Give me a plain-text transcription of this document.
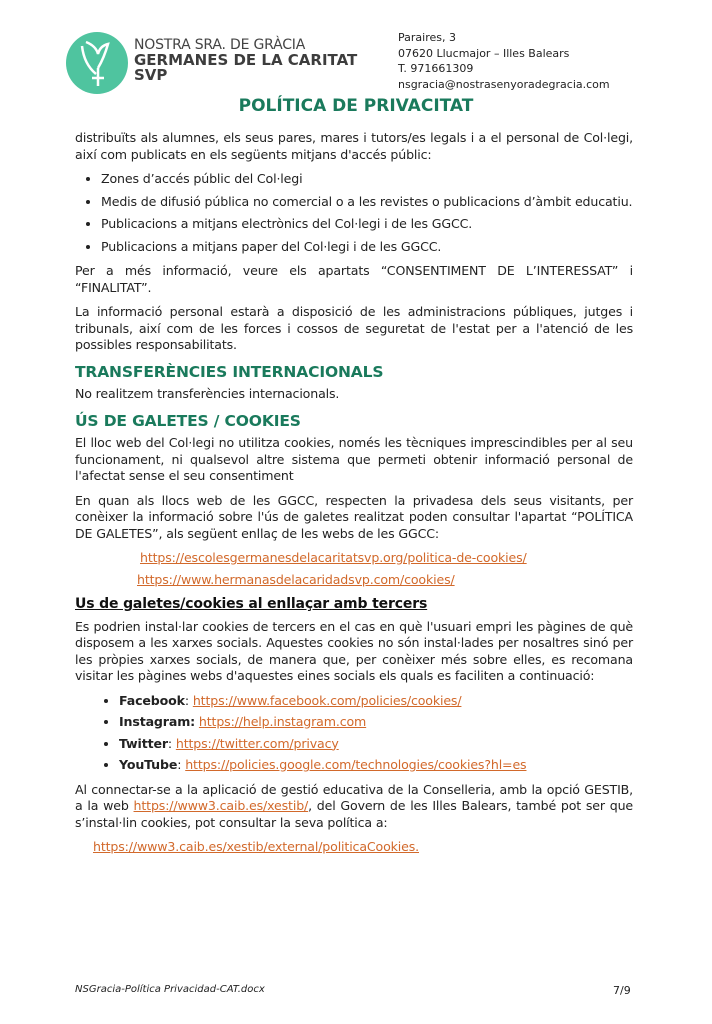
NOSTRA SRA. DE GRÀCIA
GERMANES DE LA CARITAT
SVP
Paraires, 3
07620 Llucmajor – Illes Balears
T. 971661309
nsgracia@nostrasenyoradegracia.com
POLÍTICA DE PRIVACITAT

distribuïts als alumnes, els seus pares, mares i tutors/es legals i a el personal de Col·legi, així com publicats en els següents mitjans d'accés públic:

• Zones d’accés públic del Col·legi
• Medis de difusió pública no comercial o a les revistes o publicacions d’àmbit educatiu.
• Publicacions a mitjans electrònics del Col·legi i de les GGCC.
• Publicacions a mitjans paper del Col·legi i de les GGCC.

Per a més informació, veure els apartats “CONSENTIMENT DE L’INTERESSAT” i “FINALITAT”.

La informació personal estarà a disposició de les administracions públiques, jutges i tribunals, així com de les forces i cossos de seguretat de l'estat per a l'atenció de les possibles responsabilitats.

TRANSFERÈNCIES INTERNACIONALS

No realitzem transferències internacionals.

ÚS DE GALETES / COOKIES

El lloc web del Col·legi no utilitza cookies, només les tècniques imprescindibles per al seu funcionament, ni qualsevol altre sistema que permeti obtenir informació personal de l'afectat sense el seu consentiment

En quan als llocs web de les GGCC, respecten la privadesa dels seus visitants, per conèixer la informació sobre l'ús de galetes realitzat poden consultar l'apartat “POLÍTICA DE GALETES”, als següent enllaç de les webs de les GGCC:

https://escolesgermanesdelacaritatsvp.org/politica-de-cookies/
https://www.hermanasdelacaridadsvp.com/cookies/
Us de galetes/cookies al enllaçar amb tercers

Es podrien instal·lar cookies de tercers en el cas en què l'usuari empri les pàgines de què disposem a les xarxes socials. Aquestes cookies no són instal·lades per nosaltres sinó per les pròpies xarxes socials, de manera que, per conèixer més sobre elles, es recomana visitar les pàgines webs d'aquestes eines socials els quals es faciliten a continuació:

• Facebook: https://www.facebook.com/policies/cookies/
• Instagram: https://help.instagram.com
• Twitter: https://twitter.com/privacy
• YouTube: https://policies.google.com/technologies/cookies?hl=es

Al connectar-se a la aplicació de gestió educativa de la Conselleria, amb la opció GESTIB, a la web https://www3.caib.es/xestib/, del Govern de les Illes Balears, també pot ser que s’instal·lin cookies, pot consultar la seva política a:

https://www3.caib.es/xestib/external/politicaCookies.
NSGracia-Política Privacidad-CAT.docx	7/9
